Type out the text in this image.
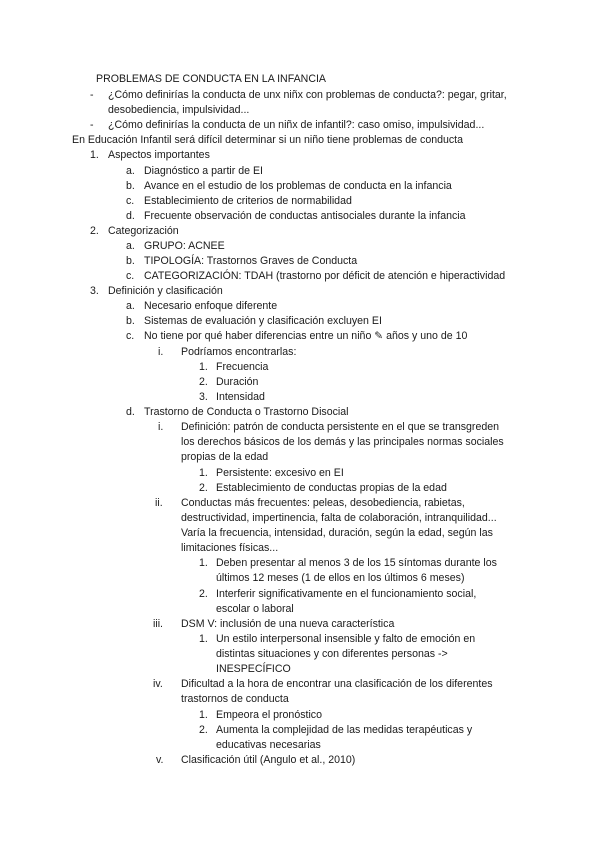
PROBLEMAS DE CONDUCTA EN LA INFANCIA
- ¿Cómo definirías la conducta de unx niñx con problemas de conducta?: pegar, gritar,
desobediencia, impulsividad...
- ¿Cómo definirías la conducta de un niñx de infantil?: caso omiso, impulsividad...
En Educación Infantil será difícil determinar si un niño tiene problemas de conducta
1. Aspectos importantes
a. Diagnóstico a partir de EI
b. Avance en el estudio de los problemas de conducta en la infancia
c. Establecimiento de criterios de normabilidad
d. Frecuente observación de conductas antisociales durante la infancia
2. Categorización
a. GRUPO: ACNEE
b. TIPOLOGÍA: Trastornos Graves de Conducta
c. CATEGORIZACIÓN: TDAH (trastorno por déficit de atención e hiperactividad
3. Definición y clasificación
a. Necesario enfoque diferente
b. Sistemas de evaluación y clasificación excluyen EI
c. No tiene por qué haber diferencias entre un niño ✎ años y uno de 10
i. Podríamos encontrarlas:
1. Frecuencia
2. Duración
3. Intensidad
d. Trastorno de Conducta o Trastorno Disocial
i. Definición: patrón de conducta persistente en el que se transgreden
los derechos básicos de los demás y las principales normas sociales
propias de la edad
1. Persistente: excesivo en EI
2. Establecimiento de conductas propias de la edad
ii. Conductas más frecuentes: peleas, desobediencia, rabietas,
destructividad, impertinencia, falta de colaboración, intranquilidad...
Varía la frecuencia, intensidad, duración, según la edad, según las
limitaciones físicas...
1. Deben presentar al menos 3 de los 15 síntomas durante los
últimos 12 meses (1 de ellos en los últimos 6 meses)
2. Interferir significativamente en el funcionamiento social,
escolar o laboral
iii. DSM V: inclusión de una nueva característica
1. Un estilo interpersonal insensible y falto de emoción en
distintas situaciones y con diferentes personas ->
INESPECÍFICO
iv. Dificultad a la hora de encontrar una clasificación de los diferentes
trastornos de conducta
1. Empeora el pronóstico
2. Aumenta la complejidad de las medidas terapéuticas y
educativas necesarias
v. Clasificación útil (Angulo et al., 2010)
